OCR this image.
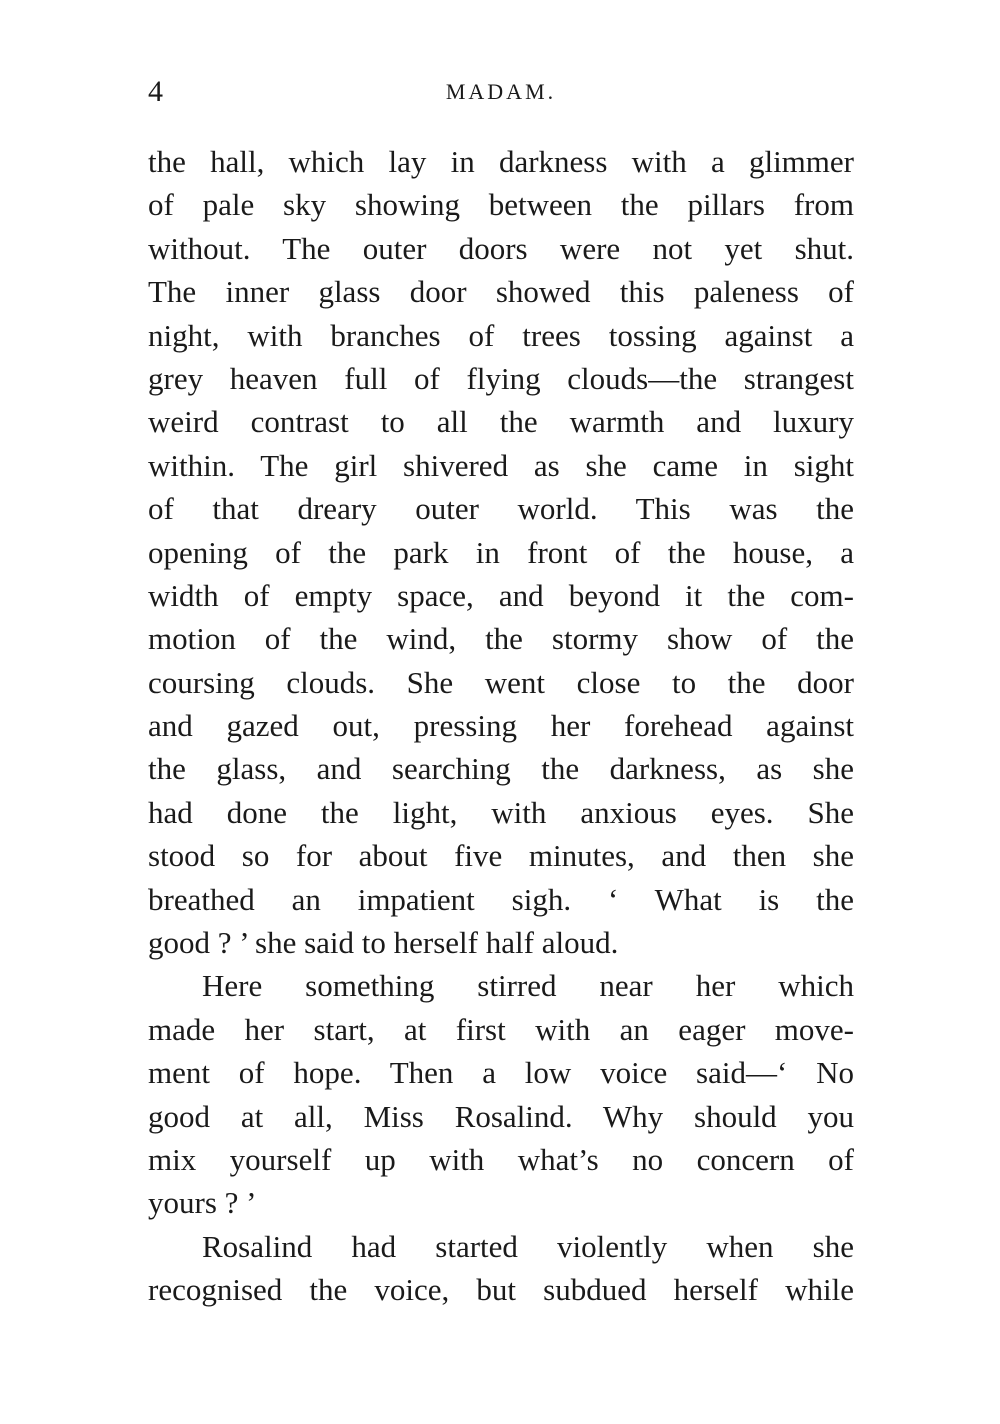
4	MADAM.
the hall, which lay in darkness with a glimmer
of pale sky showing between the pillars from
without. The outer doors were not yet shut.
The inner glass door showed this paleness of
night, with branches of trees tossing against a
grey heaven full of flying clouds—the strangest
weird contrast to all the warmth and luxury
within. The girl shivered as she came in sight
of that dreary outer world. This was the
opening of the park in front of the house, a
width of empty space, and beyond it the com-
motion of the wind, the stormy show of the
coursing clouds. She went close to the door
and gazed out, pressing her forehead against
the glass, and searching the darkness, as she
had done the light, with anxious eyes. She
stood so for about five minutes, and then she
breathed an impatient sigh. ‘ What is the
good ? ’ she said to herself half aloud.
Here something stirred near her which
made her start, at first with an eager move-
ment of hope. Then a low voice said—‘ No
good at all, Miss Rosalind. Why should you
mix yourself up with what’s no concern of
yours ? ’
Rosalind had started violently when she
recognised the voice, but subdued herself while
